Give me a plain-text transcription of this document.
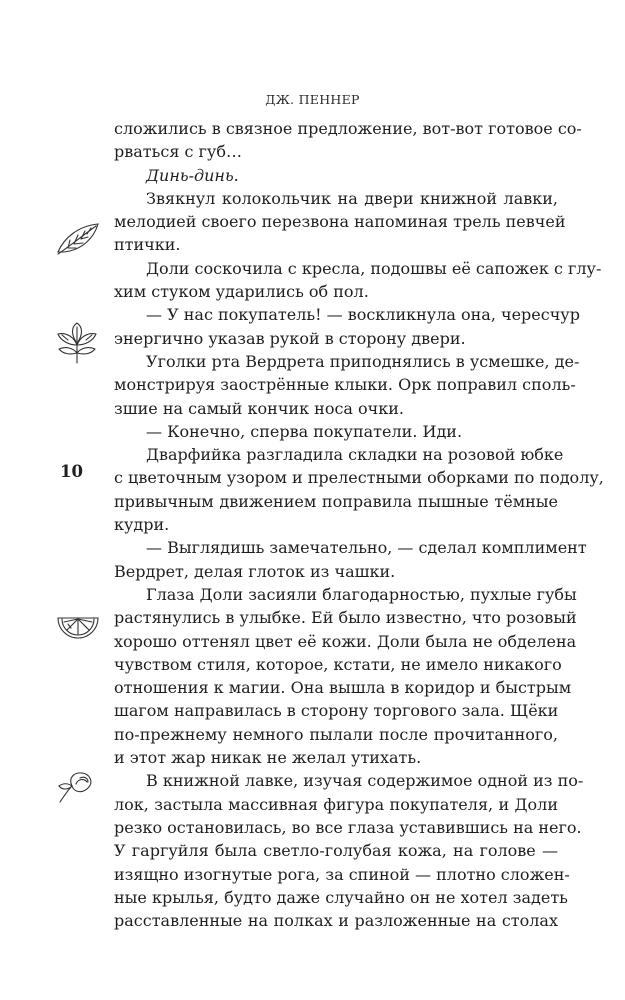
ДЖ. ПЕННЕР
10
сложились в связное предложение, вот-вот готовое со-
рваться с губ…
Динь-динь.
Звякнул колокольчик на двери книжной лавки,
мелодией своего перезвона напоминая трель певчей
птички.
Доли соскочила с кресла, подошвы её сапожек с глу-
хим стуком ударились об пол.
— У нас покупатель! — воскликнула она, чересчур
энергично указав рукой в сторону двери.
Уголки рта Вердрета приподнялись в усмешке, де-
монстрируя заострённые клыки. Орк поправил споль-
зшие на самый кончик носа очки.
— Конечно, сперва покупатели. Иди.
Дварфийка разгладила складки на розовой юбке
с цветочным узором и прелестными оборками по подолу,
привычным движением поправила пышные тёмные
кудри.
— Выглядишь замечательно, — сделал комплимент
Вердрет, делая глоток из чашки.
Глаза Доли засияли благодарностью, пухлые губы
растянулись в улыбке. Ей было известно, что розовый
хорошо оттенял цвет её кожи. Доли была не обделена
чувством стиля, которое, кстати, не имело никакого
отношения к магии. Она вышла в коридор и быстрым
шагом направилась в сторону торгового зала. Щёки
по-прежнему немного пылали после прочитанного,
и этот жар никак не желал утихать.
В книжной лавке, изучая содержимое одной из по-
лок, застыла массивная фигура покупателя, и Доли
резко остановилась, во все глаза уставившись на него.
У гаргуйля была светло-голубая кожа, на голове —
изящно изогнутые рога, за спиной — плотно сложен-
ные крылья, будто даже случайно он не хотел задеть
расставленные на полках и разложенные на столах
